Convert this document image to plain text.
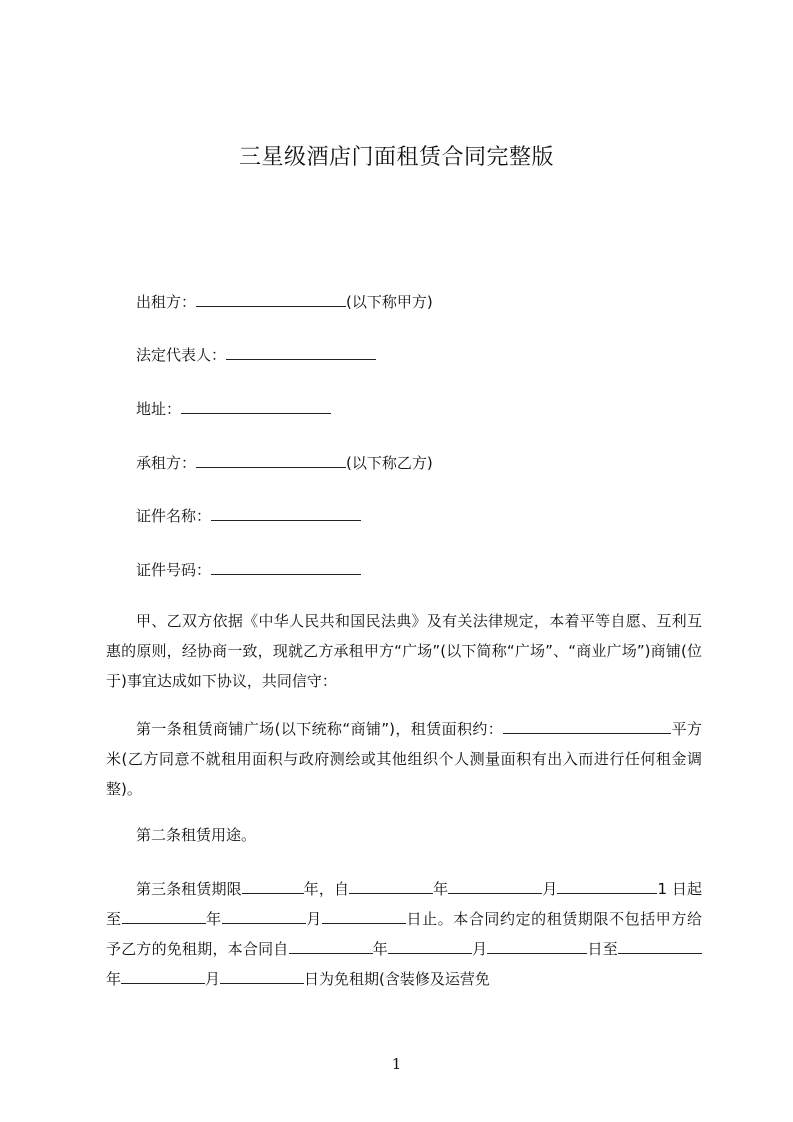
三星级酒店门面租赁合同完整版
出租方：	(以下称甲方)
法定代表人：
地址：
承租方：	(以下称乙方)
证件名称：
证件号码：
甲、乙双方依据《中华人民共和国民法典》及有关法律规定，本着平等自愿、互利互惠的原则，经协商一致，现就乙方承租甲方“广场”(以下简称“广场”、“商业广场”)商铺(位于)事宜达成如下协议，共同信守：
第一条租赁商铺广场(以下统称“商铺”)，租赁面积约：	平方米(乙方同意不就租用面积与政府测绘或其他组织个人测量面积有出入而进行任何租金调整)。
第二条租赁用途。
第三条租赁期限	年，自	年	月	1 日起至	年	月	日止。本合同约定的租赁期限不包括甲方给予乙方的免租期，本合同自	年	月	日至年	月	日为免租期(含装修及运营免
1
